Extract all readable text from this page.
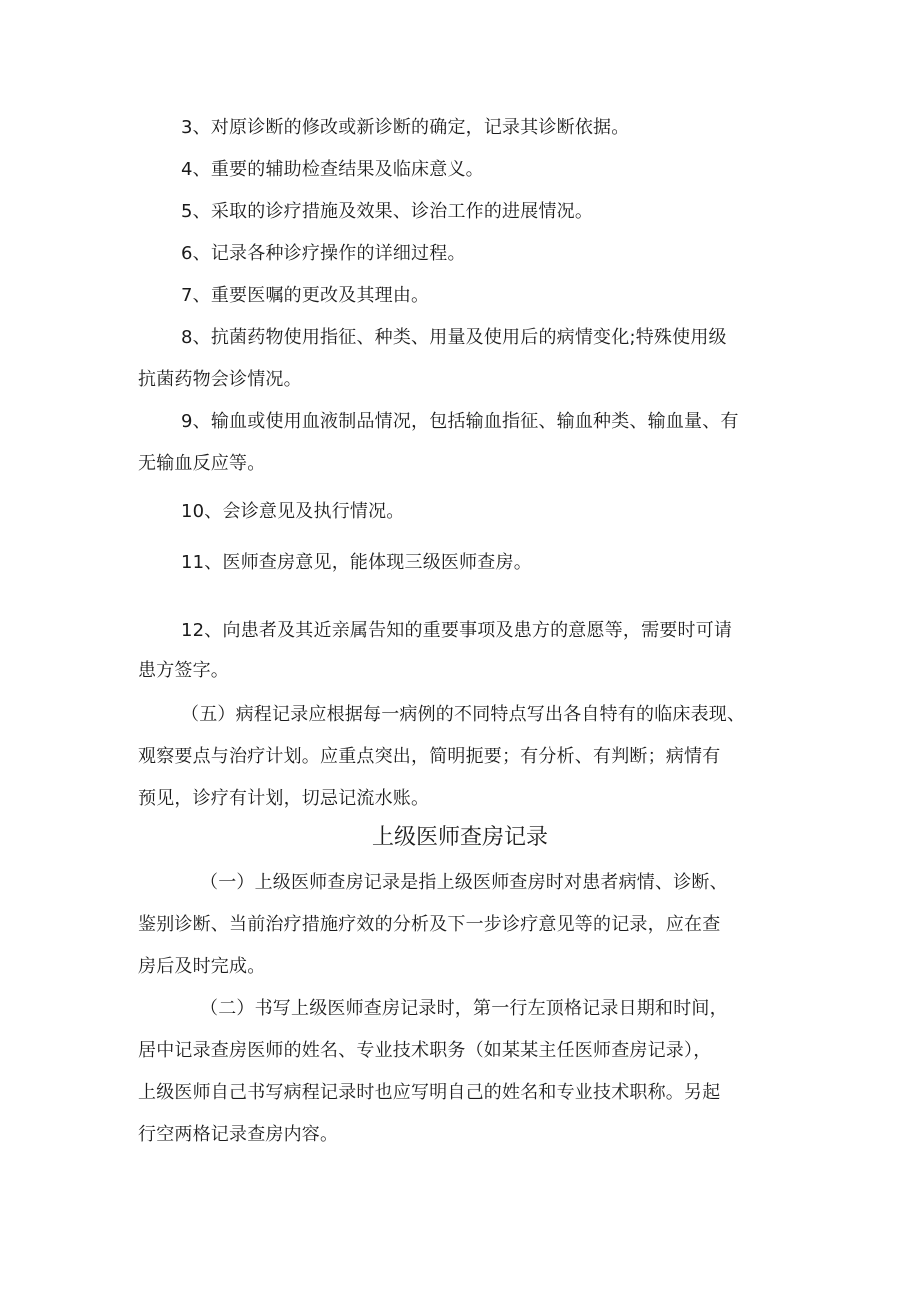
3、对原诊断的修改或新诊断的确定，记录其诊断依据。

4、重要的辅助检查结果及临床意义。

5、采取的诊疗措施及效果、诊治工作的进展情况。

6、记录各种诊疗操作的详细过程。

7、重要医嘱的更改及其理由。

8、抗菌药物使用指征、种类、用量及使用后的病情变化;特殊使用级

抗菌药物会诊情况。

9、输血或使用血液制品情况，包括输血指征、输血种类、输血量、有

无输血反应等。

10、会诊意见及执行情况。

11、医师查房意见，能体现三级医师查房。

12、向患者及其近亲属告知的重要事项及患方的意愿等，需要时可请

患方签字。

（五）病程记录应根据每一病例的不同特点写出各自特有的临床表现、

观察要点与治疗计划。应重点突出，简明扼要；有分析、有判断；病情有

预见，诊疗有计划，切忌记流水账。

上级医师查房记录

（一）上级医师查房记录是指上级医师查房时对患者病情、诊断、

鉴别诊断、当前治疗措施疗效的分析及下一步诊疗意见等的记录，应在查

房后及时完成。

（二）书写上级医师查房记录时，第一行左顶格记录日期和时间，

居中记录查房医师的姓名、专业技术职务（如某某主任医师查房记录），

上级医师自己书写病程记录时也应写明自己的姓名和专业技术职称。另起

行空两格记录查房内容。
